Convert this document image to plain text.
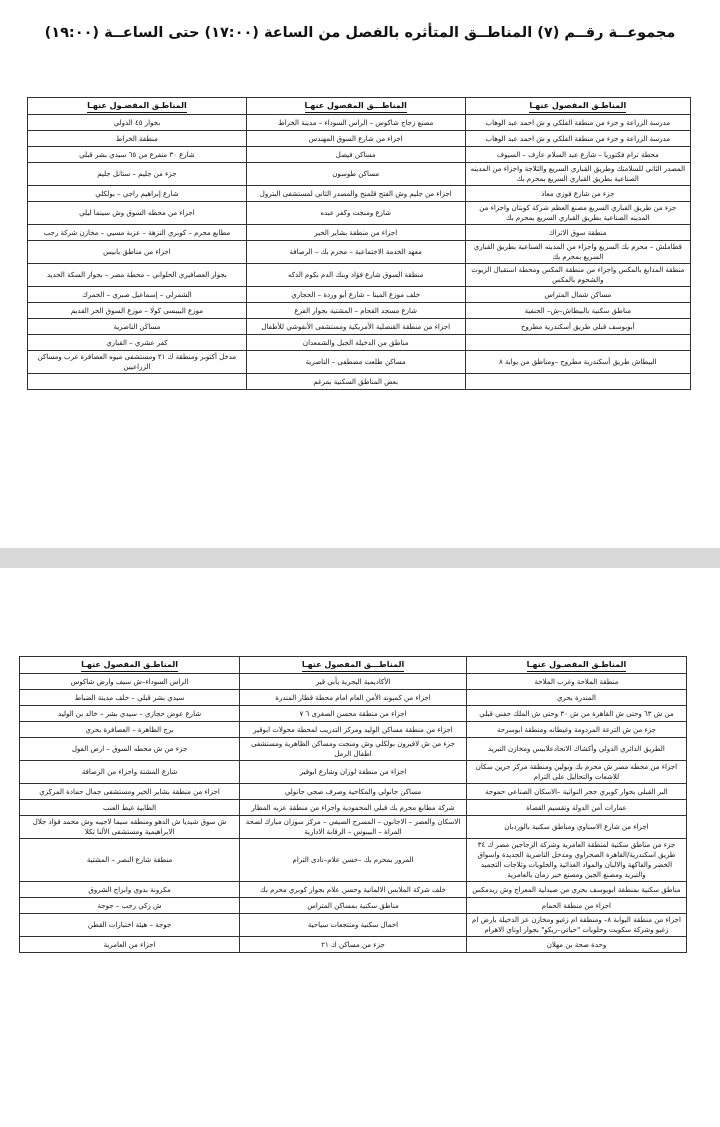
مجموعــة رقــم (٧) المناطــق المتأثره بالفصل من الساعة (١٧:٠٠) حتى الساعــة (١٩:٠٠)
المناطـق المفصول عنهـا	المناطـــق المفصول عنهـا	المناطـق المفصـول عنهـا
مدرسة الزراعة و جزء من منطقة الفلكي و ش احمد عبد الوهاب	مصنع زجاج شاكوس – الراس السوداء – مدينة الخراط	بجوار ٤٥ الدولي
مدرسة الزراعة و جزء من منطقة الفلكي و ش احمد عبد الوهاب	اجزاء من شارع السوق المهندس	منطقة الخراط
محطة ترام فكتوريا – شارع عبد السلام عارف – السيوف	مساكن فيصل	شارع ٣٠ متفرع من ٦٥ سيدي بشر قبلي
المصدر الثاني للسلامتك وطريق القباري السريع والثلاجة واجزاء من المدينه الصناعية بطريق القباري السريع بمحرم بك	مساكن طوسون	جزء من جليم – ستانل جليم
جزء من شارع فوزي معاذ	اجزاء من جليم وش الفتح قلمنح والمصدر الثاني لمستشفى البترول	شارع إبراهيم راجي – بولكلي
جزء من طريق القباري السريع مصنع العظم شركة كوبتان واجزاء من المدينه الصناعية بطريق القباري السريع بمحرم بك	شارع ومنجت وكفر عبده	اجزاء من محطه السوق وش سينما ليلي
منطقة سوق الاتراك	اجزاء من منطقة بشاير الخير	مطابع محرم – كوبري النزهة – عزبة مسيي – مخازن شركة رجب
قطاملش – محرم بك السريع واجزاء من المدينه الصناعية بطريق القباري السريع بمحرم بك	معهد الخدمة الاجتماعية – محرم بك – الرصافة	اجزاء من مناطق بابيس
منطقة المدابغ بالمكس واجزاء من منطقة المكس ومحطة استقبال الزيوت والشحوم بالمكس	منطقة السوق شارع فؤاد وبنك الدم بكوم الدكه	بجوار العصافيري الحلواني – محطة مصر – بجوار السكة الحديد
مساكن شمال المتراس	خلف موزع المينا – شارع أبو وردة – الحجاري	الشمرلي – إسماعيل صبري – الجمرك
مناطق سكنية بالبيطاش–ش– الحنفية	شارع مسجد القحام – المشتية بجوار الفرع	موزع البيبسي كولا – موزع السوق الحر القديم
أبوبوسف قبلي طريق أسكندرية مطروح	اجزاء من منطقة القنصلية الأمريكية ومستشفى الأنفوشي للأطفال	مساكن الناصرية
	مناطق من الدخيلة الجبل والشمعدان	كفر عشري – القباري
البيطاش طريق أسكندرية مطروح –ومناطق من بوابة ٨	مساكن طلعت مصطفى – الناصرية	مدخل أكتوبر ومنطقة ك ٢١ ومستشفى ميوه العصافرة غرب ومساكن الزراعيين
	بعض المناطق السكنية بمرغم	
المناطـق المفصـول عنهـا	المناطـــق المفصول عنهـا	المناطـق المفصول عنهـا
منطقة الملاحة وغرب الملاحة	الأكاديمية البحرية بأبي قير	الراس السوداء–ش سيف وارض شاكوس
المندرة بحري	اجزاء من كمبوند الأمن العام امام محطة قطار المندرة	سيدي بشر قبلي – خلف مدينة الضباط
من ش ٦٣ وحتى ش القاهرة من ش ٣٠ وحتى ش الملك حفني قبلي	اجزاء من منطقة محسن الصغرى ٦ ٧	شارع عوض حجازي – سيدي بشر – خالد بن الوليد
جزء من ش الترعة المردومة وغيطانه ومنطقة ابوسرحة	اجزاء من منطقة مساكن الوليد ومركز التدريب لمحطة محولات ابوقير	برج الظاهرة – العصافرة بحري
الطريق الدائري الدولي وأكشاك الاتحادعلاببس ومخازن التبريد	جزء من ش لافيرون بولكلي وش ومنجت ومساكن الظاهرية ومستشفى اطفال الرمل	جزء من ش محطه السوق – ارض الفول
اجزاء من محطه مصر ش محرم بك وبولين ومنطقة مركز جرين سكان للاشعات والتحاليل على الترام	اجزاء من منطقة لوران وشارع ابوقير	شارع المشتة واجزاء من الرصافة
البر القبلي بجوار كوبري حجر النواتية –الاسكان الصناعي حموجة	مساكن جانولي والمكاحية وصرف صحي جانولي	اجزاء من منطقة بشاير الخير ومستشفى جمال حمادة المركزي
عمارات أمن الدولة وتقسيم القضاة	شركة مطابع محرم بك قبلي المحمودية واجزاء من منطقة عزبه المطار	الطابية غيط العنب
اجزاء من شارع الاسناوي ومناطق سكنية بالوردبان	الاسكان والعصر – الاجانون – المسرح الصيفي – مركز سوزان مبارك لصحة المراة – البيبوس – الرقابة الادارية	ش سوق شيديا ش الدهو ومنطقه سيما لاجيبه وش محمد فؤاد جلال الابراهيمية ومستشفى الألنا تكلا
جزء من مناطق سكنية لمنطقة العامرية وشركة الزجاجين مصر ك ٣٤ طريق اسكندرية/القاهرة الصحراوي ومدخل الناصرية الجديدة واسواق الخضر والفاكهة والالبان والمواد الغذائية والحلويات وثلاجات التجميد والتبريد ومصنع الجين ومصنع خير زمان بالعامرية	المرور بمحرم بك –حسن علام–نادى الترام	منطقة شارع النصر – المشتية
مناطق سكنية بمنطقة ابويوسف بحري من صيدلية المعراج وش ريدمكس	خلف شركة الملابس الالمانية وحسن علام بجوار كوبري محرم بك	مكرونة بدوي وابراج الشروق
اجزاء من منطقة الحمام	مناطق سكنية بمساكن المتراس	ش زكي رجب – جوجة
اجزاء من منطقة البوابة ٨– ومنطقة ام زغيو ومخازن عز الدخيلة بارض ام زغيو وشركة سكويت وحلويات "حياتي–ريكو" بجوار اوناي الاهرام	احمال سكنية ومنتجعات سياحية	جوجة – هيئة اختبارات القطن
وحدة صحة بن مهلان	جزء من مساكن ك ٢١	اجزاء من العامرية
